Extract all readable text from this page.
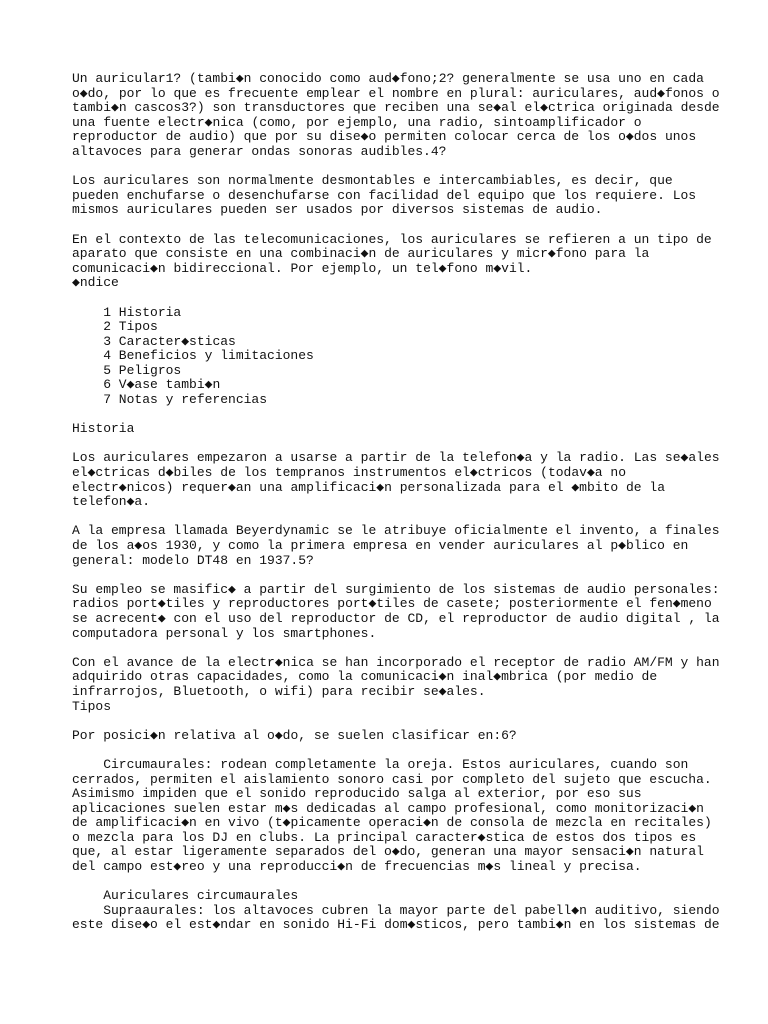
Un auricular1? (tambi◆n conocido como aud◆fono;2? generalmente se usa uno en cada
o◆do, por lo que es frecuente emplear el nombre en plural: auriculares, aud◆fonos o
tambi◆n cascos3?) son transductores que reciben una se◆al el◆ctrica originada desde
una fuente electr◆nica (como, por ejemplo, una radio, sintoamplificador o
reproductor de audio) que por su dise◆o permiten colocar cerca de los o◆dos unos
altavoces para generar ondas sonoras audibles.4?
Los auriculares son normalmente desmontables e intercambiables, es decir, que
pueden enchufarse o desenchufarse con facilidad del equipo que los requiere. Los
mismos auriculares pueden ser usados por diversos sistemas de audio.
En el contexto de las telecomunicaciones, los auriculares se refieren a un tipo de
aparato que consiste en una combinaci◆n de auriculares y micr◆fono para la
comunicaci◆n bidireccional. Por ejemplo, un tel◆fono m◆vil.
◆ndice
1 Historia
2 Tipos
3 Caracter◆sticas
4 Beneficios y limitaciones
5 Peligros
6 V◆ase tambi◆n
7 Notas y referencias
Historia
Los auriculares empezaron a usarse a partir de la telefon◆a y la radio. Las se◆ales
el◆ctricas d◆biles de los tempranos instrumentos el◆ctricos (todav◆a no
electr◆nicos) requer◆an una amplificaci◆n personalizada para el ◆mbito de la
telefon◆a.
A la empresa llamada Beyerdynamic se le atribuye oficialmente el invento, a finales
de los a◆os 1930, y como la primera empresa en vender auriculares al p◆blico en
general: modelo DT48 en 1937.5?
Su empleo se masific◆ a partir del surgimiento de los sistemas de audio personales:
radios port◆tiles y reproductores port◆tiles de casete; posteriormente el fen◆meno
se acrecent◆ con el uso del reproductor de CD, el reproductor de audio digital , la
computadora personal y los smartphones.
Con el avance de la electr◆nica se han incorporado el receptor de radio AM/FM y han
adquirido otras capacidades, como la comunicaci◆n inal◆mbrica (por medio de
infrarrojos, Bluetooth, o wifi) para recibir se◆ales.
Tipos
Por posici◆n relativa al o◆do, se suelen clasificar en:6?
Circumaurales: rodean completamente la oreja. Estos auriculares, cuando son
cerrados, permiten el aislamiento sonoro casi por completo del sujeto que escucha.
Asimismo impiden que el sonido reproducido salga al exterior, por eso sus
aplicaciones suelen estar m◆s dedicadas al campo profesional, como monitorizaci◆n
de amplificaci◆n en vivo (t◆picamente operaci◆n de consola de mezcla en recitales)
o mezcla para los DJ en clubs. La principal caracter◆stica de estos dos tipos es
que, al estar ligeramente separados del o◆do, generan una mayor sensaci◆n natural
del campo est◆reo y una reproducci◆n de frecuencias m◆s lineal y precisa.
Auriculares circumaurales
Supraaurales: los altavoces cubren la mayor parte del pabell◆n auditivo, siendo
este dise◆o el est◆ndar en sonido Hi-Fi dom◆sticos, pero tambi◆n en los sistemas de
